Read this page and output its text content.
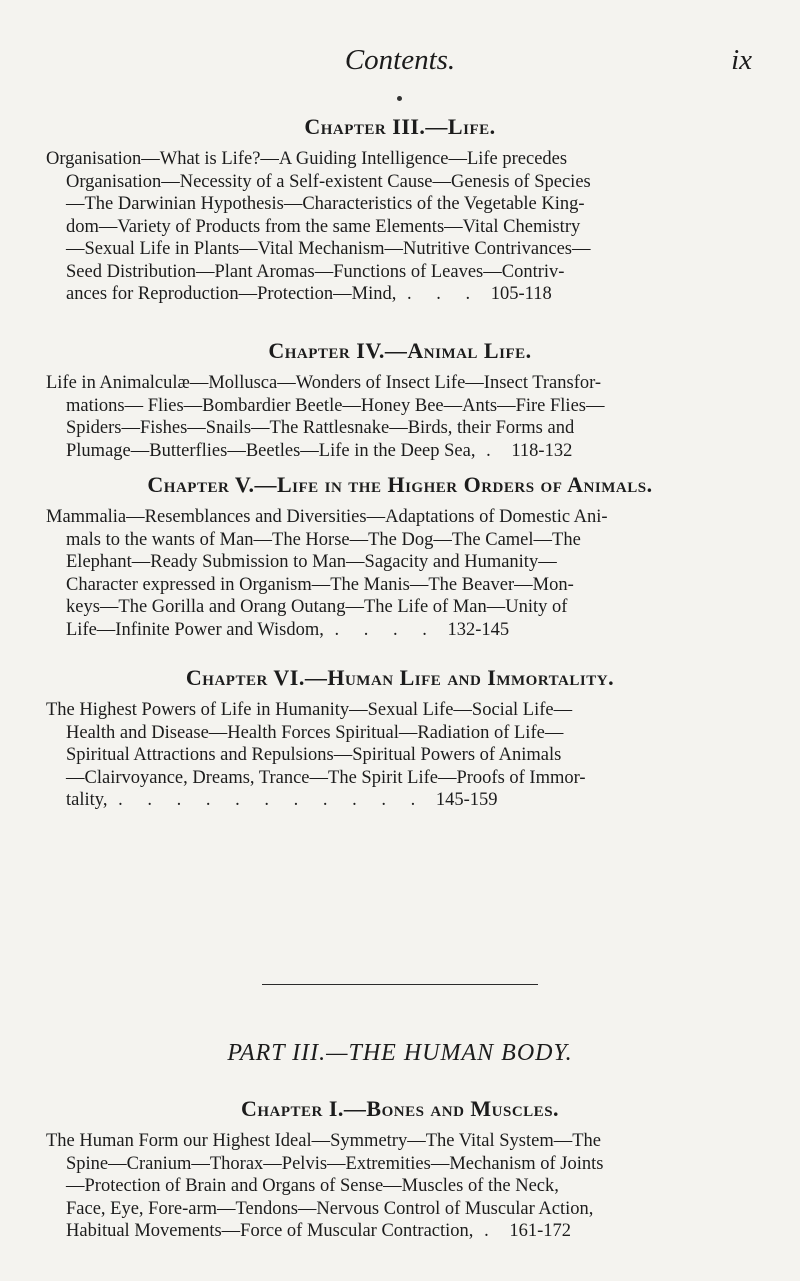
Contents.	ix
Chapter III.—Life.
Organisation—What is Life?—A Guiding Intelligence—Life precedes
Organisation—Necessity of a Self-existent Cause—Genesis of Species
—The Darwinian Hypothesis—Characteristics of the Vegetable King-
dom—Variety of Products from the same Elements—Vital Chemistry
—Sexual Life in Plants—Vital Mechanism—Nutritive Contrivances—
Seed Distribution—Plant Aromas—Functions of Leaves—Contriv-
ances for Reproduction—Protection—Mind, . . . 105-118
Chapter IV.—Animal Life.
Life in Animalculæ—Mollusca—Wonders of Insect Life—Insect Transfor-
mations— Flies—Bombardier Beetle—Honey Bee—Ants—Fire Flies—
Spiders—Fishes—Snails—The Rattlesnake—Birds, their Forms and
Plumage—Butterflies—Beetles—Life in the Deep Sea, . 118-132
Chapter V.—Life in the Higher Orders of Animals.
Mammalia—Resemblances and Diversities—Adaptations of Domestic Ani-
mals to the wants of Man—The Horse—The Dog—The Camel—The
Elephant—Ready Submission to Man—Sagacity and Humanity—
Character expressed in Organism—The Manis—The Beaver—Mon-
keys—The Gorilla and Orang Outang—The Life of Man—Unity of
Life—Infinite Power and Wisdom, . . . . 132-145
Chapter VI.—Human Life and Immortality.
The Highest Powers of Life in Humanity—Sexual Life—Social Life—
Health and Disease—Health Forces Spiritual—Radiation of Life—
Spiritual Attractions and Repulsions—Spiritual Powers of Animals
—Clairvoyance, Dreams, Trance—The Spirit Life—Proofs of Immor-
tality, . . . . . . . . . . . 145-159
PART III.—THE HUMAN BODY.
Chapter I.—Bones and Muscles.
The Human Form our Highest Ideal—Symmetry—The Vital System—The
Spine—Cranium—Thorax—Pelvis—Extremities—Mechanism of Joints
—Protection of Brain and Organs of Sense—Muscles of the Neck,
Face, Eye, Fore-arm—Tendons—Nervous Control of Muscular Action,
Habitual Movements—Force of Muscular Contraction, . 161-172
